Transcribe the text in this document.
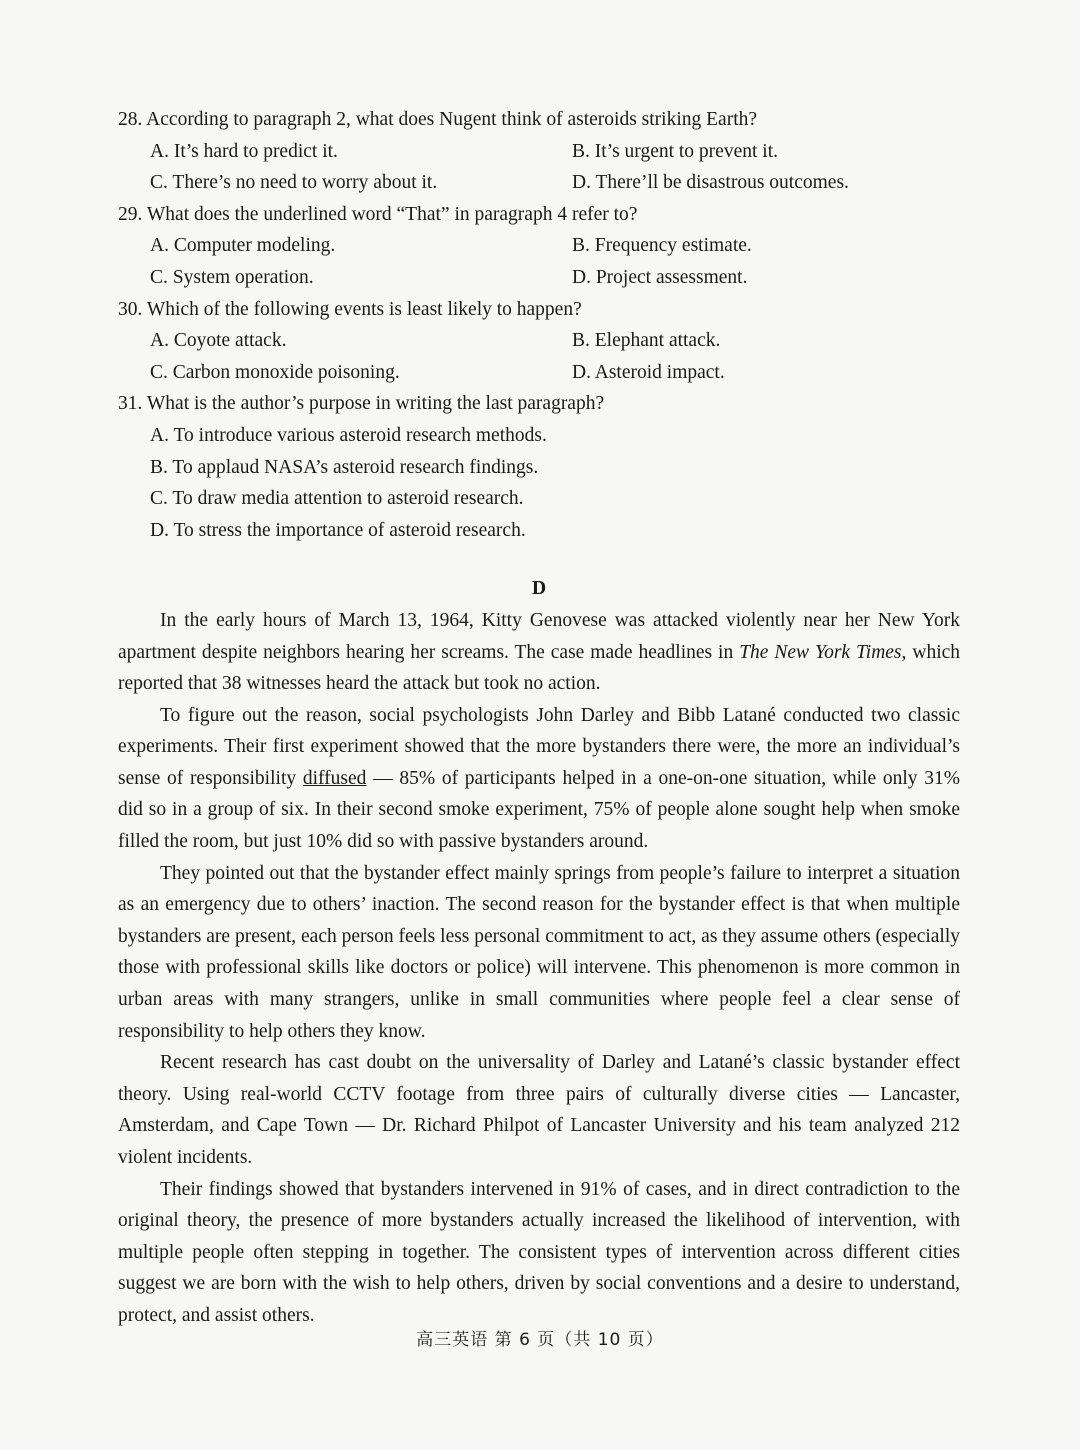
28. According to paragraph 2, what does Nugent think of asteroids striking Earth?
A. It’s hard to predict it.	B. It’s urgent to prevent it.
C. There’s no need to worry about it.	D. There’ll be disastrous outcomes.
29. What does the underlined word “That” in paragraph 4 refer to?
A. Computer modeling.	B. Frequency estimate.
C. System operation.	D. Project assessment.
30. Which of the following events is least likely to happen?
A. Coyote attack.	B. Elephant attack.
C. Carbon monoxide poisoning.	D. Asteroid impact.
31. What is the author’s purpose in writing the last paragraph?
A. To introduce various asteroid research methods.
B. To applaud NASA’s asteroid research findings.
C. To draw media attention to asteroid research.
D. To stress the importance of asteroid research.
D

In the early hours of March 13, 1964, Kitty Genovese was attacked violently near her New York apartment despite neighbors hearing her screams. The case made headlines in The New York Times, which reported that 38 witnesses heard the attack but took no action.

To figure out the reason, social psychologists John Darley and Bibb Latané conducted two classic experiments. Their first experiment showed that the more bystanders there were, the more an individual’s sense of responsibility diffused — 85% of participants helped in a one-on-one situation, while only 31% did so in a group of six. In their second smoke experiment, 75% of people alone sought help when smoke filled the room, but just 10% did so with passive bystanders around.

They pointed out that the bystander effect mainly springs from people’s failure to interpret a situation as an emergency due to others’ inaction. The second reason for the bystander effect is that when multiple bystanders are present, each person feels less personal commitment to act, as they assume others (especially those with professional skills like doctors or police) will intervene. This phenomenon is more common in urban areas with many strangers, unlike in small communities where people feel a clear sense of responsibility to help others they know.

Recent research has cast doubt on the universality of Darley and Latané’s classic bystander effect theory. Using real-world CCTV footage from three pairs of culturally diverse cities — Lancaster, Amsterdam, and Cape Town — Dr. Richard Philpot of Lancaster University and his team analyzed 212 violent incidents.

Their findings showed that bystanders intervened in 91% of cases, and in direct contradiction to the original theory, the presence of more bystanders actually increased the likelihood of intervention, with multiple people often stepping in together. The consistent types of intervention across different cities suggest we are born with the wish to help others, driven by social conventions and a desire to understand, protect, and assist others.

高三英语 第 6 页（共 10 页）
